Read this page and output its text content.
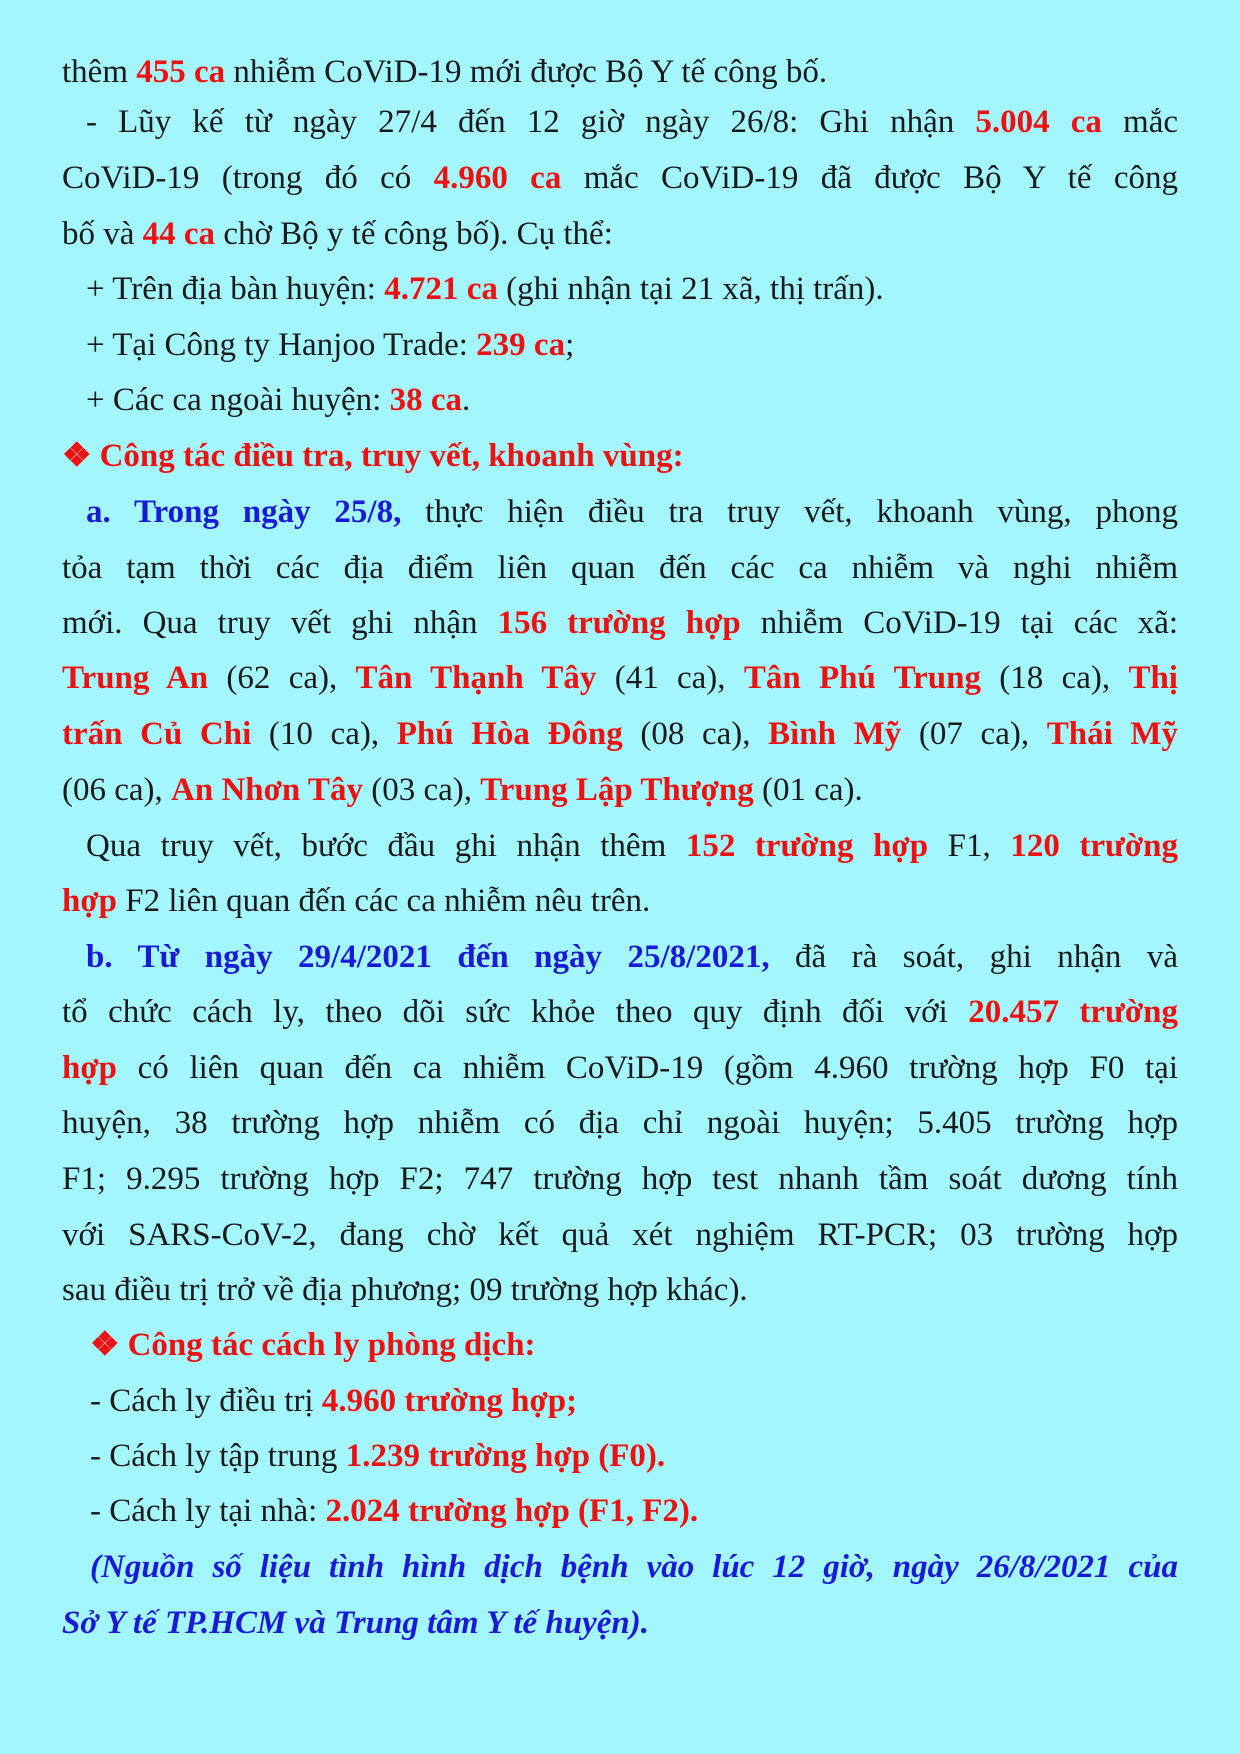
thêm 455 ca nhiễm CoViD-19 mới được Bộ Y tế công bố.
- Lũy kế từ ngày 27/4 đến 12 giờ ngày 26/8: Ghi nhận 5.004 ca mắc
CoViD-19 (trong đó có 4.960 ca mắc CoViD-19 đã được Bộ Y tế công
bố và 44 ca chờ Bộ y tế công bố). Cụ thể:
+ Trên địa bàn huyện: 4.721 ca (ghi nhận tại 21 xã, thị trấn).
+ Tại Công ty Hanjoo Trade: 239 ca;
+ Các ca ngoài huyện: 38 ca.
❖ Công tác điều tra, truy vết, khoanh vùng:
a. Trong ngày 25/8, thực hiện điều tra truy vết, khoanh vùng, phong
tỏa tạm thời các địa điểm liên quan đến các ca nhiễm và nghi nhiễm
mới. Qua truy vết ghi nhận 156 trường hợp nhiễm CoViD-19 tại các xã:
Trung An (62 ca), Tân Thạnh Tây (41 ca), Tân Phú Trung (18 ca), Thị
trấn Củ Chi (10 ca), Phú Hòa Đông (08 ca), Bình Mỹ (07 ca), Thái Mỹ
(06 ca), An Nhơn Tây (03 ca), Trung Lập Thượng (01 ca).
Qua truy vết, bước đầu ghi nhận thêm 152 trường hợp F1, 120 trường
hợp F2 liên quan đến các ca nhiễm nêu trên.
b. Từ ngày 29/4/2021 đến ngày 25/8/2021, đã rà soát, ghi nhận và
tổ chức cách ly, theo dõi sức khỏe theo quy định đối với 20.457 trường
hợp có liên quan đến ca nhiễm CoViD-19 (gồm 4.960 trường hợp F0 tại
huyện, 38 trường hợp nhiễm có địa chỉ ngoài huyện; 5.405 trường hợp
F1; 9.295 trường hợp F2; 747 trường hợp test nhanh tầm soát dương tính
với SARS-CoV-2, đang chờ kết quả xét nghiệm RT-PCR; 03 trường hợp
sau điều trị trở về địa phương; 09 trường hợp khác).
❖ Công tác cách ly phòng dịch:
- Cách ly điều trị 4.960 trường hợp;
- Cách ly tập trung 1.239 trường hợp (F0).
- Cách ly tại nhà: 2.024 trường hợp (F1, F2).
(Nguồn số liệu tình hình dịch bệnh vào lúc 12 giờ, ngày 26/8/2021 của
Sở Y tế TP.HCM và Trung tâm Y tế huyện).
